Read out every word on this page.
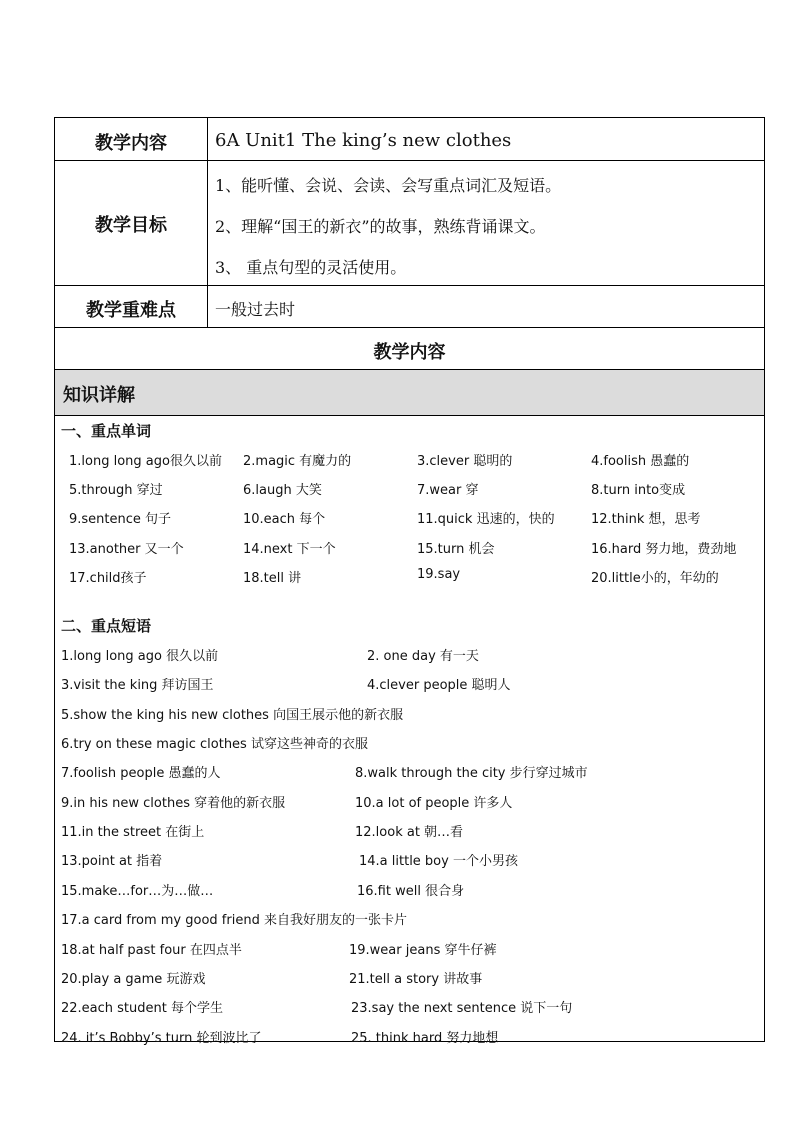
教学内容	6A Unit1 The king’s new clothes
教学目标
1、能听懂、会说、会读、会写重点词汇及短语。
2、理解“国王的新衣”的故事，熟练背诵课文。
3、 重点句型的灵活使用。
教学重难点	一般过去时
教学内容
知识详解
一、重点单词
1.long long ago很久以前 2.magic 有魔力的	3.clever 聪明的	4.foolish 愚蠢的
5.through 穿过	6.laugh 大笑	7.wear 穿	8.turn into变成
9.sentence 句子	10.each 每个	11.quick 迅速的，快的	12.think 想，思考
13.another 又一个	14.next 下一个	15.turn 机会	16.hard 努力地，费劲地
17.child孩子	18.tell 讲	19.say	20.little小的，年幼的
二、重点短语
1.long long ago 很久以前	2. one day 有一天
3.visit the king 拜访国王	4.clever people 聪明人
5.show the king his new clothes 向国王展示他的新衣服
6.try on these magic clothes 试穿这些神奇的衣服
7.foolish people 愚蠢的人	8.walk through the city 步行穿过城市
9.in his new clothes 穿着他的新衣服	10.a lot of people 许多人
11.in the street 在街上	12.look at 朝…看
13.point at 指着	14.a little boy 一个小男孩
15.make…for…为…做…	16.fit well 很合身
17.a card from my good friend 来自我好朋友的一张卡片
18.at half past four 在四点半	19.wear jeans 穿牛仔裤
20.play a game 玩游戏	21.tell a story 讲故事
22.each student 每个学生	23.say the next sentence 说下一句
24. it’s Bobby’s turn 轮到波比了	25. think hard 努力地想
